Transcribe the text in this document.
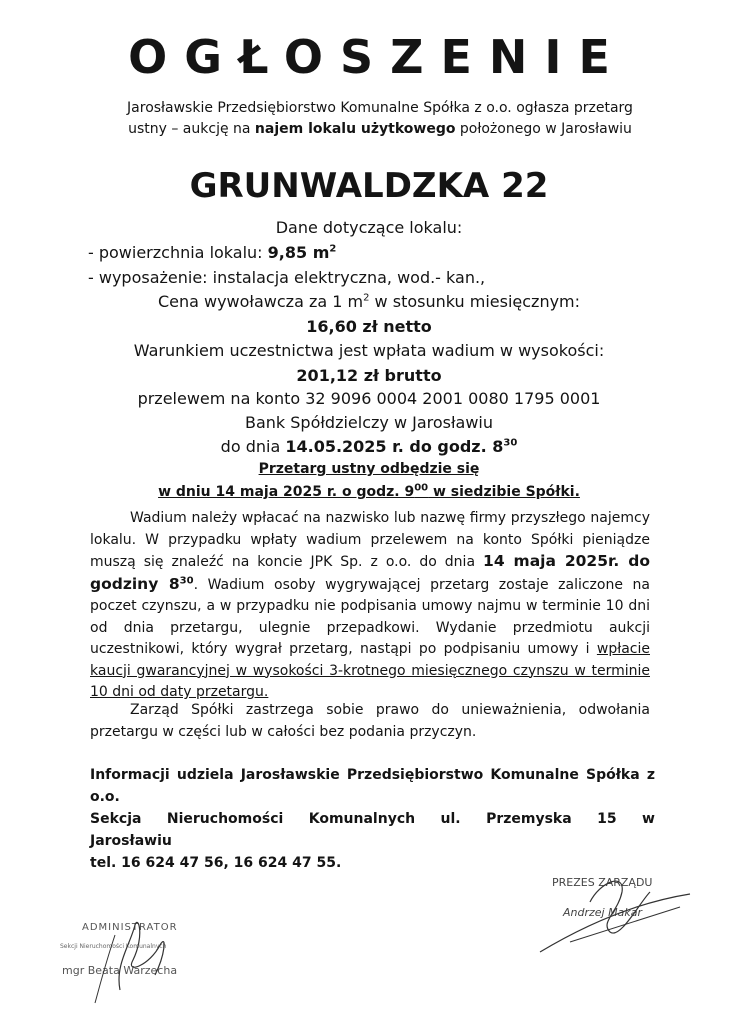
OGŁOSZENIE
Jarosławskie Przedsiębiorstwo Komunalne Spółka z o.o. ogłasza przetarg
ustny – aukcję na najem lokalu użytkowego położonego w Jarosławiu
GRUNWALDZKA 22
Dane dotyczące lokalu:
- powierzchnia lokalu: 9,85 $m^2$
- wyposażenie: instalacja elektryczna, wod.- kan.,
Cena wywoławcza za 1 $m^2$ w stosunku miesięcznym:
16,60 zł netto
Warunkiem uczestnictwa jest wpłata wadium w wysokości:
201,12 zł brutto
przelewem na konto 32 9096 0004 2001 0080 1795 0001
Bank Spółdzielczy w Jarosławiu
do dnia 14.05.2025 r. do godz. $8^{30}$
Przetarg ustny odbędzie się
w dniu 14 maja 2025 r. o godz. $9^{00}$ w siedzibie Spółki.
Wadium należy wpłacać na nazwisko lub nazwę firmy przyszłego najemcy lokalu. W przypadku wpłaty wadium przelewem na konto Spółki pieniądze muszą się znaleźć na koncie JPK Sp. z o.o. do dnia 14 maja 2025r. do godziny $8^{30}$. Wadium osoby wygrywającej przetarg zostaje zaliczone na poczet czynszu, a w przypadku nie podpisania umowy najmu w terminie 10 dni od dnia przetargu, ulegnie przepadkowi. Wydanie przedmiotu aukcji uczestnikowi, który wygrał przetarg, nastąpi po podpisaniu umowy i wpłacie kaucji gwarancyjnej w wysokości 3-krotnego miesięcznego czynszu w terminie 10 dni od daty przetargu.
Zarząd Spółki zastrzega sobie prawo do unieważnienia, odwołania przetargu w części lub w całości bez podania przyczyn.
Informacji udziela Jarosławskie Przedsiębiorstwo Komunalne Spółka z o.o.
Sekcja Nieruchomości Komunalnych ul. Przemyska 15 w Jarosławiu
tel. 16 624 47 56, 16 624 47 55.
PREZES ZARZĄDU
Andrzej Makar
ADMINISTRATOR
Sekcji Nieruchomości Komunalnych
mgr Beata Warzecha
